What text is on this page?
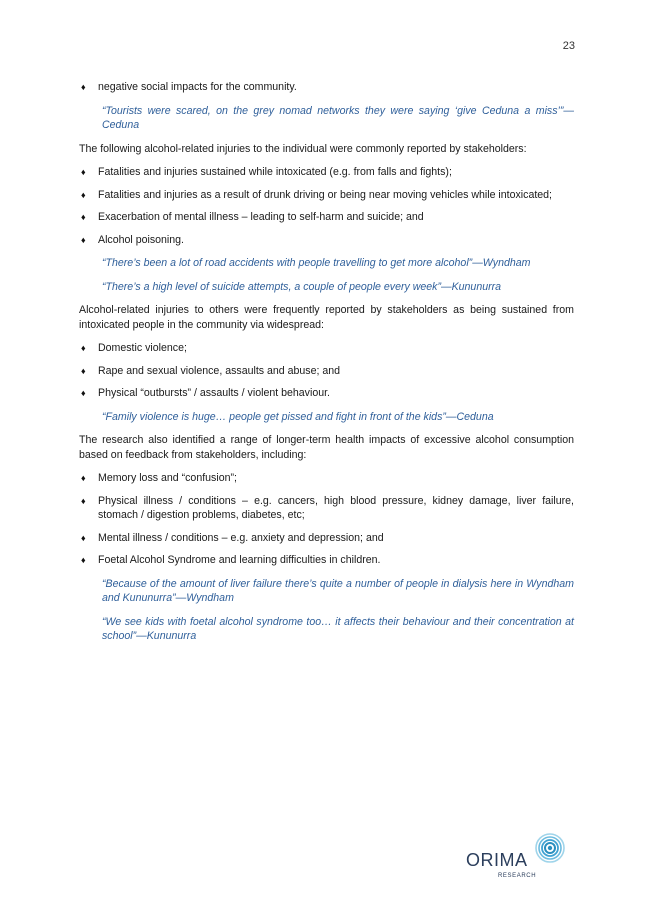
23
♦ negative social impacts for the community.

“Tourists were scared, on the grey nomad networks they were saying ‘give Ceduna a miss’”—Ceduna

The following alcohol-related injuries to the individual were commonly reported by stakeholders:

♦ Fatalities and injuries sustained while intoxicated (e.g. from falls and fights);
♦ Fatalities and injuries as a result of drunk driving or being near moving vehicles while intoxicated;
♦ Exacerbation of mental illness – leading to self-harm and suicide; and
♦ Alcohol poisoning.

“There’s been a lot of road accidents with people travelling to get more alcohol”—Wyndham

“There’s a high level of suicide attempts, a couple of people every week”—Kununurra

Alcohol-related injuries to others were frequently reported by stakeholders as being sustained from intoxicated people in the community via widespread:

♦ Domestic violence;
♦ Rape and sexual violence, assaults and abuse; and
♦ Physical “outbursts” / assaults / violent behaviour.

“Family violence is huge… people get pissed and fight in front of the kids”—Ceduna

The research also identified a range of longer-term health impacts of excessive alcohol consumption based on feedback from stakeholders, including:

♦ Memory loss and “confusion”;
♦ Physical illness / conditions – e.g. cancers, high blood pressure, kidney damage, liver failure, stomach / digestion problems, diabetes, etc;
♦ Mental illness / conditions – e.g. anxiety and depression; and
♦ Foetal Alcohol Syndrome and learning difficulties in children.

“Because of the amount of liver failure there’s quite a number of people in dialysis here in Wyndham and Kununurra”—Wyndham

“We see kids with foetal alcohol syndrome too… it affects their behaviour and their concentration at school”—Kununurra

ORIMA
RESEARCH
